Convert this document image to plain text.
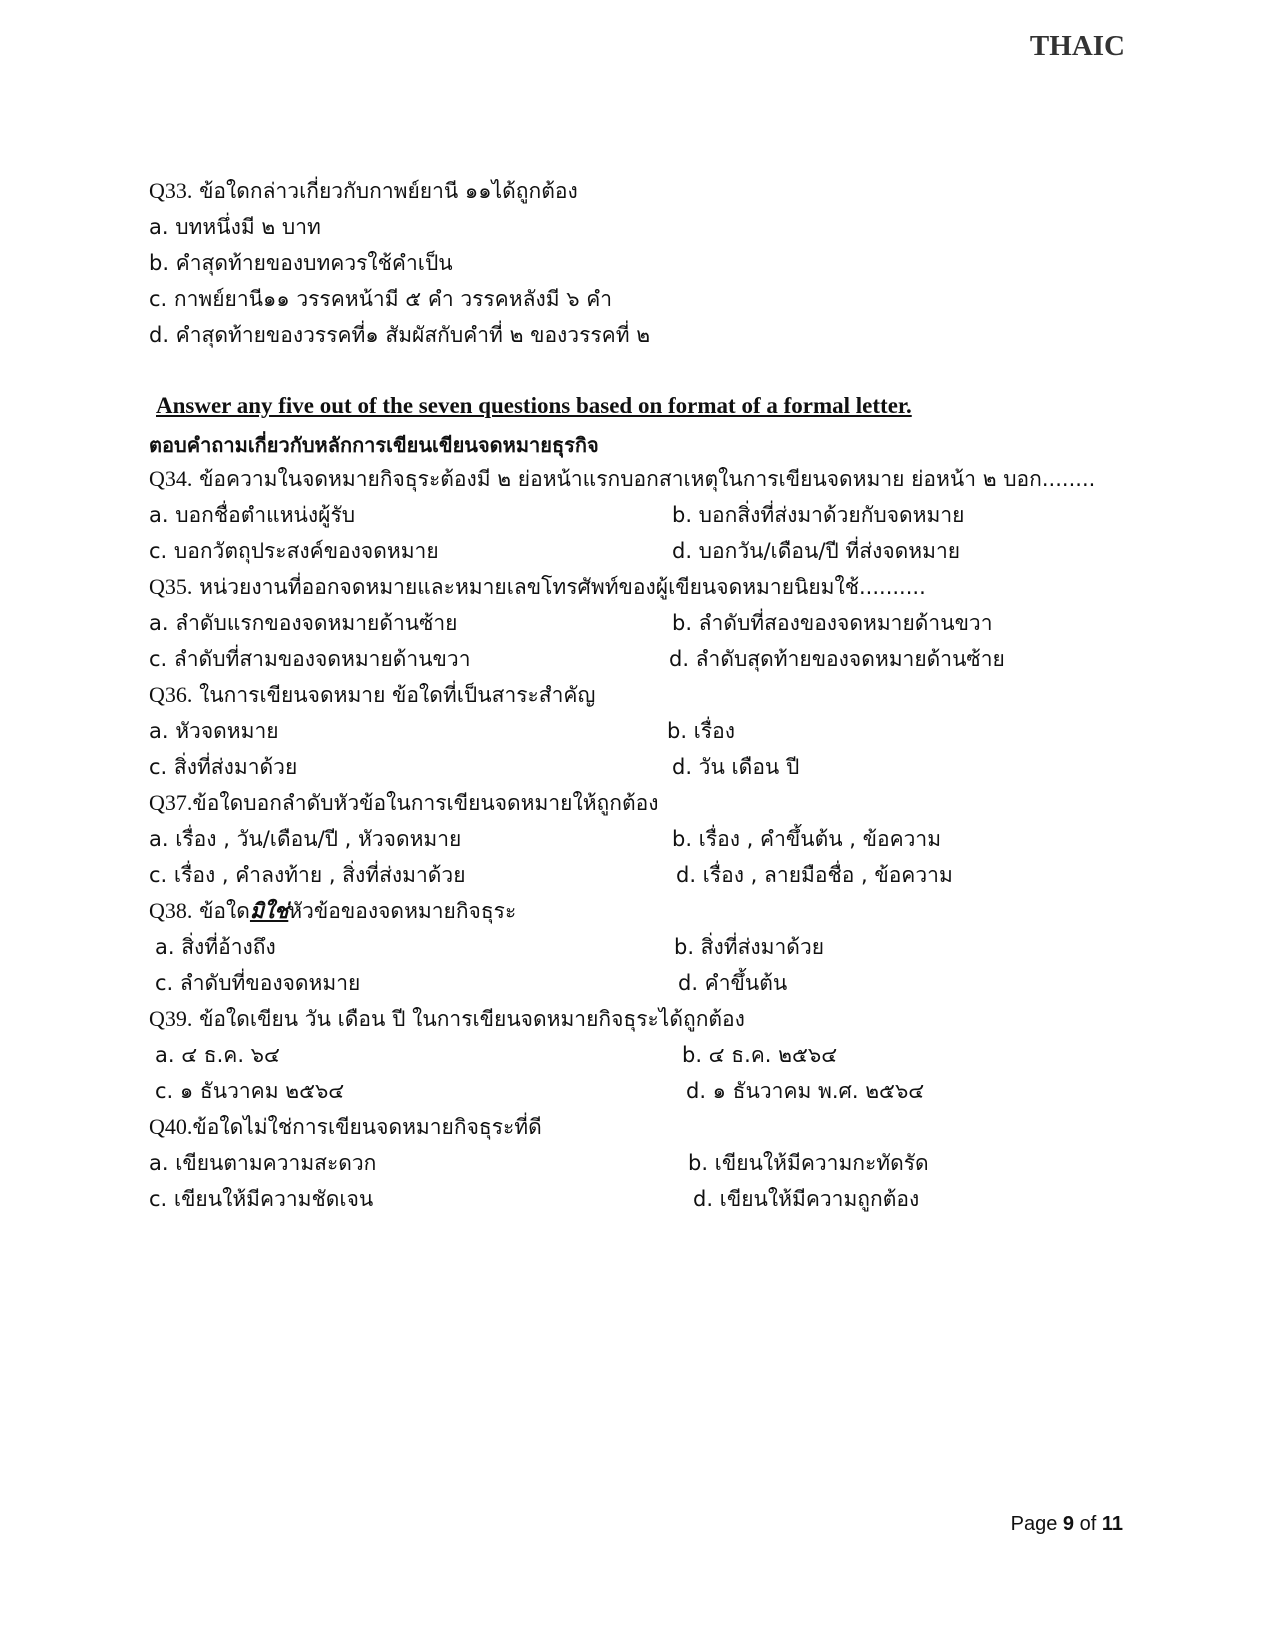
THAIC
Q33. ข้อใดกล่าวเกี่ยวกับกาพย์ยานี ๑๑ได้ถูกต้อง
a. บทหนึ่งมี ๒ บาท
b. คำสุดท้ายของบทควรใช้คำเป็น
c. กาพย์ยานี๑๑ วรรคหน้ามี ๕ คำ วรรคหลังมี ๖ คำ
d. คำสุดท้ายของวรรคที่๑ สัมผัสกับคำที่ ๒ ของวรรคที่ ๒
Answer any five out of the seven questions based on format of a formal letter.
ตอบคำถามเกี่ยวกับหลักการเขียนเขียนจดหมายธุรกิจ
Q34. ข้อความในจดหมายกิจธุระต้องมี ๒ ย่อหน้าแรกบอกสาเหตุในการเขียนจดหมาย ย่อหน้า ๒ บอก........
a. บอกชื่อตำแหน่งผู้รับ	b. บอกสิ่งที่ส่งมาด้วยกับจดหมาย
c. บอกวัตถุประสงค์ของจดหมาย	d. บอกวัน/เดือน/ปี ที่ส่งจดหมาย
Q35. หน่วยงานที่ออกจดหมายและหมายเลขโทรศัพท์ของผู้เขียนจดหมายนิยมใช้..........
a. ลำดับแรกของจดหมายด้านซ้าย	b. ลำดับที่สองของจดหมายด้านขวา
c. ลำดับที่สามของจดหมายด้านขวา	d. ลำดับสุดท้ายของจดหมายด้านซ้าย
Q36. ในการเขียนจดหมาย ข้อใดที่เป็นสาระสำคัญ
a. หัวจดหมาย	b. เรื่อง
c. สิ่งที่ส่งมาด้วย	d. วัน เดือน ปี
Q37.ข้อใดบอกลำดับหัวข้อในการเขียนจดหมายให้ถูกต้อง
a. เรื่อง , วัน/เดือน/ปี , หัวจดหมาย	b. เรื่อง , คำขึ้นต้น , ข้อความ
c. เรื่อง , คำลงท้าย , สิ่งที่ส่งมาด้วย	d. เรื่อง , ลายมือชื่อ , ข้อความ
Q38. ข้อใดมิใช่หัวข้อของจดหมายกิจธุระ
a. สิ่งที่อ้างถึง	b. สิ่งที่ส่งมาด้วย
c. ลำดับที่ของจดหมาย	d. คำขึ้นต้น
Q39. ข้อใดเขียน วัน เดือน ปี ในการเขียนจดหมายกิจธุระได้ถูกต้อง
a. ๔ ธ.ค. ๖๔	b. ๔ ธ.ค. ๒๕๖๔
c. ๑ ธันวาคม ๒๕๖๔	d. ๑ ธันวาคม พ.ศ. ๒๕๖๔
Q40.ข้อใดไม่ใช่การเขียนจดหมายกิจธุระที่ดี
a. เขียนตามความสะดวก	b. เขียนให้มีความกะทัดรัด
c. เขียนให้มีความชัดเจน	d. เขียนให้มีความถูกต้อง
Page 9 of 11
